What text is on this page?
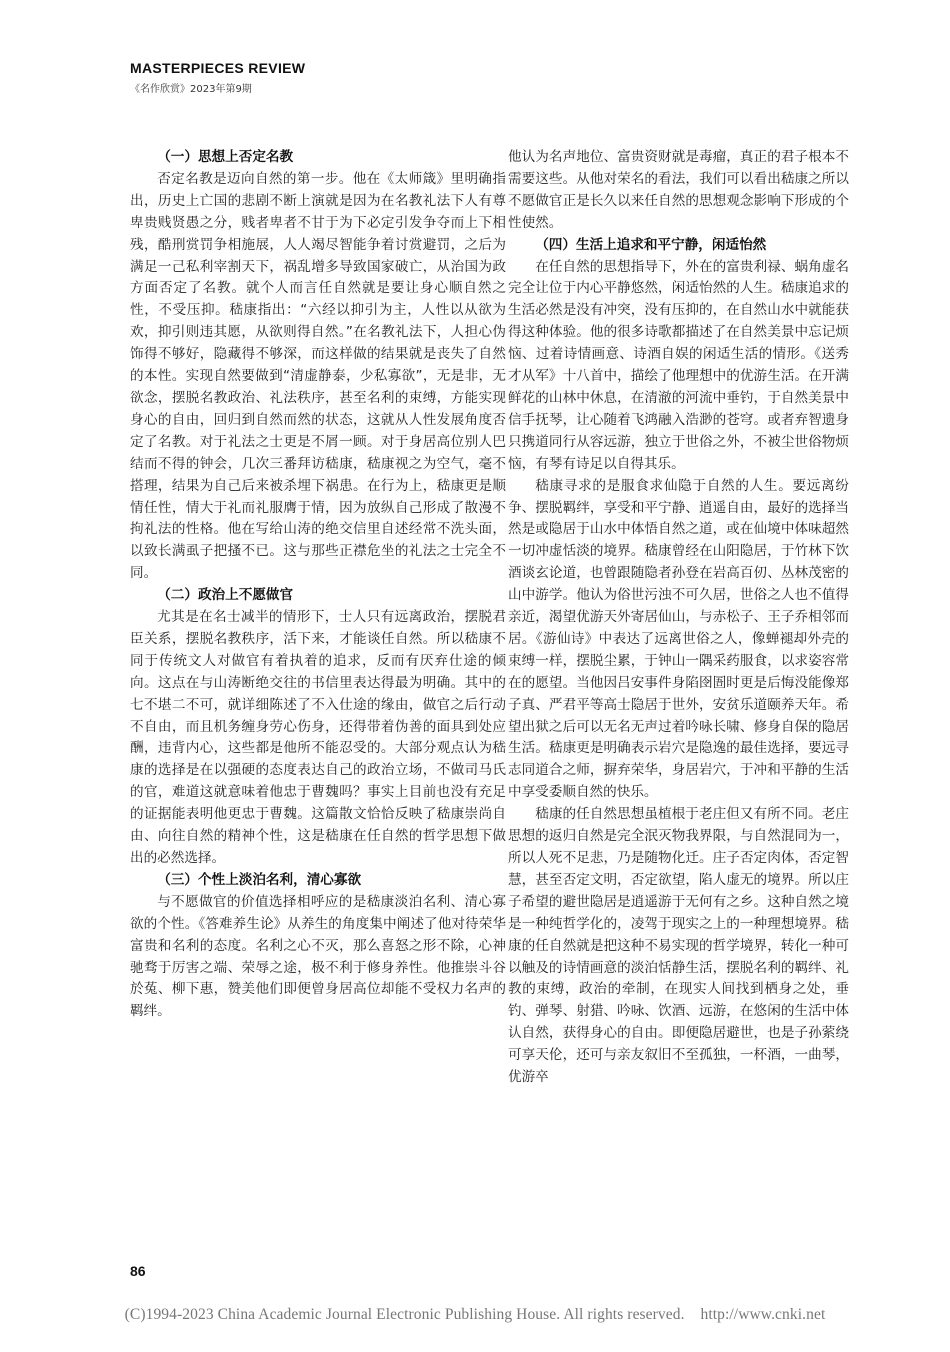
MASTERPIECES REVIEW
《名作欣赏》2023年第9期
（一）思想上否定名教

否定名教是迈向自然的第一步。他在《太师箴》里明确指出，历史上亡国的悲剧不断上演就是因为在名教礼法下人有尊卑贵贱贤愚之分，贱者卑者不甘于为下必定引发争夺而上下相残，酷刑赏罚争相施展，人人竭尽智能争着讨赏避罚，之后为满足一己私利宰割天下，祸乱增多导致国家破亡，从治国为政方面否定了名教。就个人而言任自然就是要让身心顺自然之性，不受压抑。嵇康指出：“六经以抑引为主，人性以从欲为欢，抑引则违其愿，从欲则得自然。”在名教礼法下，人担心伪饰得不够好，隐藏得不够深，而这样做的结果就是丧失了自然的本性。实现自然要做到“清虚静泰，少私寡欲”，无是非，无欲念，摆脱名教政治、礼法秩序，甚至名利的束缚，方能实现身心的自由，回归到自然而然的状态，这就从人性发展角度否定了名教。对于礼法之士更是不屑一顾。对于身居高位别人巴结而不得的钟会，几次三番拜访嵇康，嵇康视之为空气，毫不搭理，结果为自己后来被杀埋下祸患。在行为上，嵇康更是顺情任性，情大于礼而礼服膺于情，因为放纵自己形成了散漫不拘礼法的性格。他在写给山涛的绝交信里自述经常不洗头面，以致长满虱子把搔不已。这与那些正襟危坐的礼法之士完全不同。

（二）政治上不愿做官

尤其是在名士减半的情形下，士人只有远离政治，摆脱君臣关系，摆脱名教秩序，活下来，才能谈任自然。所以嵇康不同于传统文人对做官有着执着的追求，反而有厌弃仕途的倾向。这点在与山涛断绝交往的书信里表达得最为明确。其中的七不堪二不可，就详细陈述了不入仕途的缘由，做官之后行动不自由，而且机务缠身劳心伤身，还得带着伪善的面具到处应酬，违背内心，这些都是他所不能忍受的。大部分观点认为嵇康的选择是在以强硬的态度表达自己的政治立场，不做司马氏的官，难道这就意味着他忠于曹魏吗？事实上目前也没有充足的证据能表明他更忠于曹魏。这篇散文恰恰反映了嵇康崇尚自由、向往自然的精神个性，这是嵇康在任自然的哲学思想下做出的必然选择。

（三）个性上淡泊名利，清心寡欲

与不愿做官的价值选择相呼应的是嵇康淡泊名利、清心寡欲的个性。《答难养生论》从养生的角度集中阐述了他对待荣华富贵和名利的态度。名利之心不灭，那么喜怒之形不除，心神驰骛于厉害之端、荣辱之途，极不利于修身养性。他推崇斗谷於菟、柳下惠，赞美他们即便曾身居高位却能不受权力名声的羁绊。

他认为名声地位、富贵资财就是毒瘤，真正的君子根本不需要这些。从他对荣名的看法，我们可以看出嵇康之所以不愿做官正是长久以来任自然的思想观念影响下形成的个性使然。

（四）生活上追求和平宁静，闲适怡然

在任自然的思想指导下，外在的富贵利禄、蜗角虚名完全让位于内心平静悠然，闲适怡然的人生。嵇康追求的生活必然是没有冲突，没有压抑的，在自然山水中就能获得这种体验。他的很多诗歌都描述了在自然美景中忘记烦恼、过着诗情画意、诗酒自娱的闲适生活的情形。《送秀才从军》十八首中，描绘了他理想中的优游生活。在开满鲜花的山林中休息，在清澈的河流中垂钓，于自然美景中信手抚琴，让心随着飞鸿融入浩渺的苍穹。或者弃智遗身只携道同行从容远游，独立于世俗之外，不被尘世俗物烦恼，有琴有诗足以自得其乐。

嵇康寻求的是服食求仙隐于自然的人生。要远离纷争、摆脱羁绊，享受和平宁静、逍遥自由，最好的选择当然是或隐居于山水中体悟自然之道，或在仙境中体味超然一切冲虚恬淡的境界。嵇康曾经在山阳隐居，于竹林下饮酒谈玄论道，也曾跟随隐者孙登在岩高百仞、丛林茂密的山中游学。他认为俗世污浊不可久居，世俗之人也不值得亲近，渴望优游天外寄居仙山，与赤松子、王子乔相邻而居。《游仙诗》中表达了远离世俗之人，像蝉褪却外壳的束缚一样，摆脱尘累，于钟山一隅采药服食，以求姿容常在的愿望。当他因吕安事件身陷囹圄时更是后悔没能像郑子真、严君平等高士隐居于世外，安贫乐道颐养天年。希望出狱之后可以无名无声过着吟咏长啸、修身自保的隐居生活。嵇康更是明确表示岩穴是隐逸的最佳选择，要远寻志同道合之师，摒弃荣华，身居岩穴，于冲和平静的生活中享受委顺自然的快乐。

嵇康的任自然思想虽植根于老庄但又有所不同。老庄思想的返归自然是完全泯灭物我界限，与自然混同为一，所以人死不足悲，乃是随物化迁。庄子否定肉体，否定智慧，甚至否定文明，否定欲望，陷人虚无的境界。所以庄子希望的避世隐居是逍遥游于无何有之乡。这种自然之境是一种纯哲学化的，凌驾于现实之上的一种理想境界。嵇康的任自然就是把这种不易实现的哲学境界，转化一种可以触及的诗情画意的淡泊恬静生活，摆脱名利的羁绊、礼教的束缚，政治的牵制，在现实人间找到栖身之处，垂钓、弹琴、射猎、吟咏、饮酒、远游，在悠闲的生活中体认自然，获得身心的自由。即便隐居避世，也是子孙萦绕可享天伦，还可与亲友叙旧不至孤独，一杯酒，一曲琴，优游卒

86
(C)1994-2023 China Academic Journal Electronic Publishing House. All rights reserved.    http://www.cnki.net
